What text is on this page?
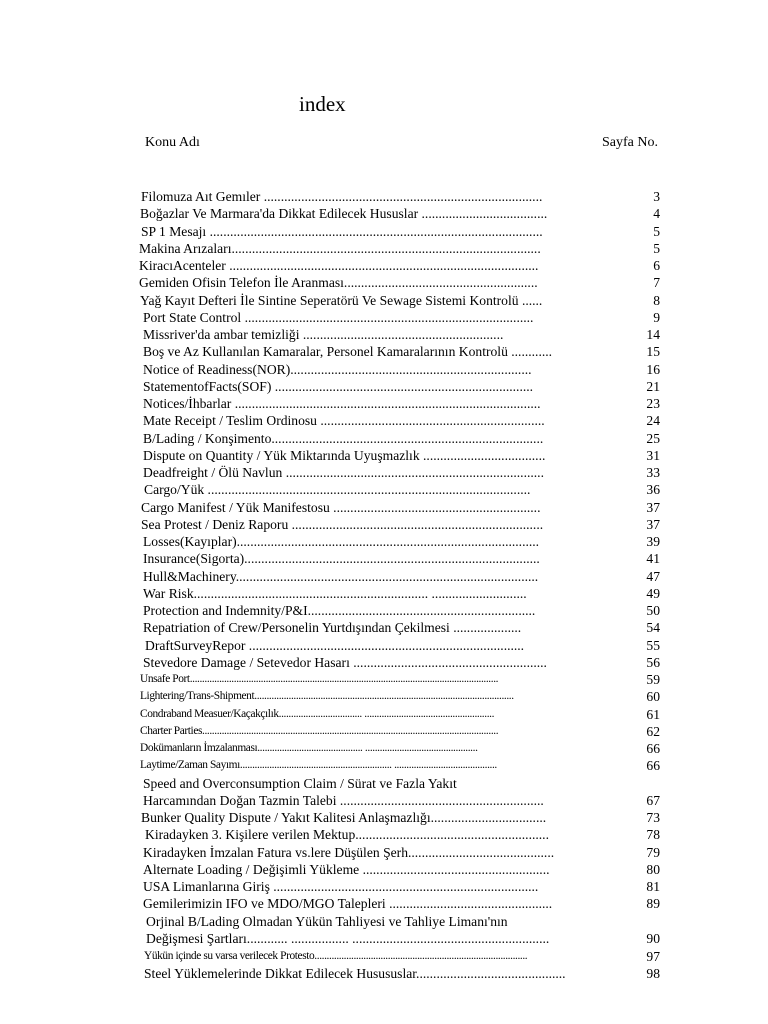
index
Konu Adı	Sayfa No.
Filomuza Aıt Gemıler ..................................................................................	3
Boğazlar Ve Marmara'da Dikkat Edilecek Hususlar .....................................	4
SP 1 Mesajı ..................................................................................................	5
Makina Arızaları...........................................................................................	5
KiracıAcenteler ...........................................................................................	6
Gemiden Ofisin Telefon İle Aranması.........................................................	7
Yağ Kayıt Defteri İle Sintine Seperatörü Ve Sewage Sistemi Kontrolü ......	8
Port State Control .....................................................................................	9
Missriver'da ambar temizliği ...........................................................	14
Boş ve Az Kullanılan Kamaralar, Personel Kamaralarının Kontrolü ............	15
Notice of Readiness(NOR).......................................................................	16
StatementofFacts(SOF) ............................................................................	21
Notices/İhbarlar ..........................................................................................	23
Mate Receipt / Teslim Ordinosu ..................................................................	24
B/Lading / Konşimento................................................................................	25
Dispute on Quantity / Yük Miktarında Uyuşmazlık ....................................	31
Deadfreight / Ölü Navlun ............................................................................	33
Cargo/Yük ...............................................................................................	36
Cargo Manifest / Yük Manifestosu .............................................................	37
Sea Protest / Deniz Raporu ..........................................................................	37
Losses(Kayıplar).........................................................................................	39
Insurance(Sigorta).......................................................................................	41
Hull&Machinery.........................................................................................	47
War Risk..................................................................... ............................	49
Protection and Indemnity/P&I...................................................................	50
Repatriation of Crew/Personelin Yurtdışından Çekilmesi ....................	54
DraftSurveyRepor .................................................................................	55
Stevedore Damage / Setevedor Hasarı .........................................................	56
Unsafe Port..............................................................................................................................	59
Lightering/Trans-Shipment..........................................................................................................	60
Condraband Measuer/Kaçakçılık.................................. .....................................................	61
Charter Parties.........................................................................................................................	62
Dokümanların İmzalanması........................................... ..............................................	66
Laytime/Zaman Sayımı.............................................................. ..........................................	66
Speed and Overconsumption Claim / Sürat ve Fazla Yakıt
Harcamından Doğan Tazmin Talebi ............................................................	67
Bunker Quality Dispute / Yakıt Kalitesi Anlaşmazlığı..................................	73
Kiradayken 3. Kişilere verilen Mektup.........................................................	78
Kiradayken İmzalan Fatura vs.lere Düşülen Şerh...........................................	79
Alternate Loading / Değişimli Yükleme .......................................................	80
USA Limanlarına Giriş ..............................................................................	81
Gemilerimizin IFO ve MDO/MGO Talepleri ................................................	89
Orjinal B/Lading Olmadan Yükün Tahliyesi ve Tahliye Limanı'nın
Değişmesi Şartları............ ................. ..........................................................	90
Yükün içinde su varsa verilecek Protesto.......................................................................................	97
Steel Yüklemelerinde Dikkat Edilecek Husususlar............................................	98
